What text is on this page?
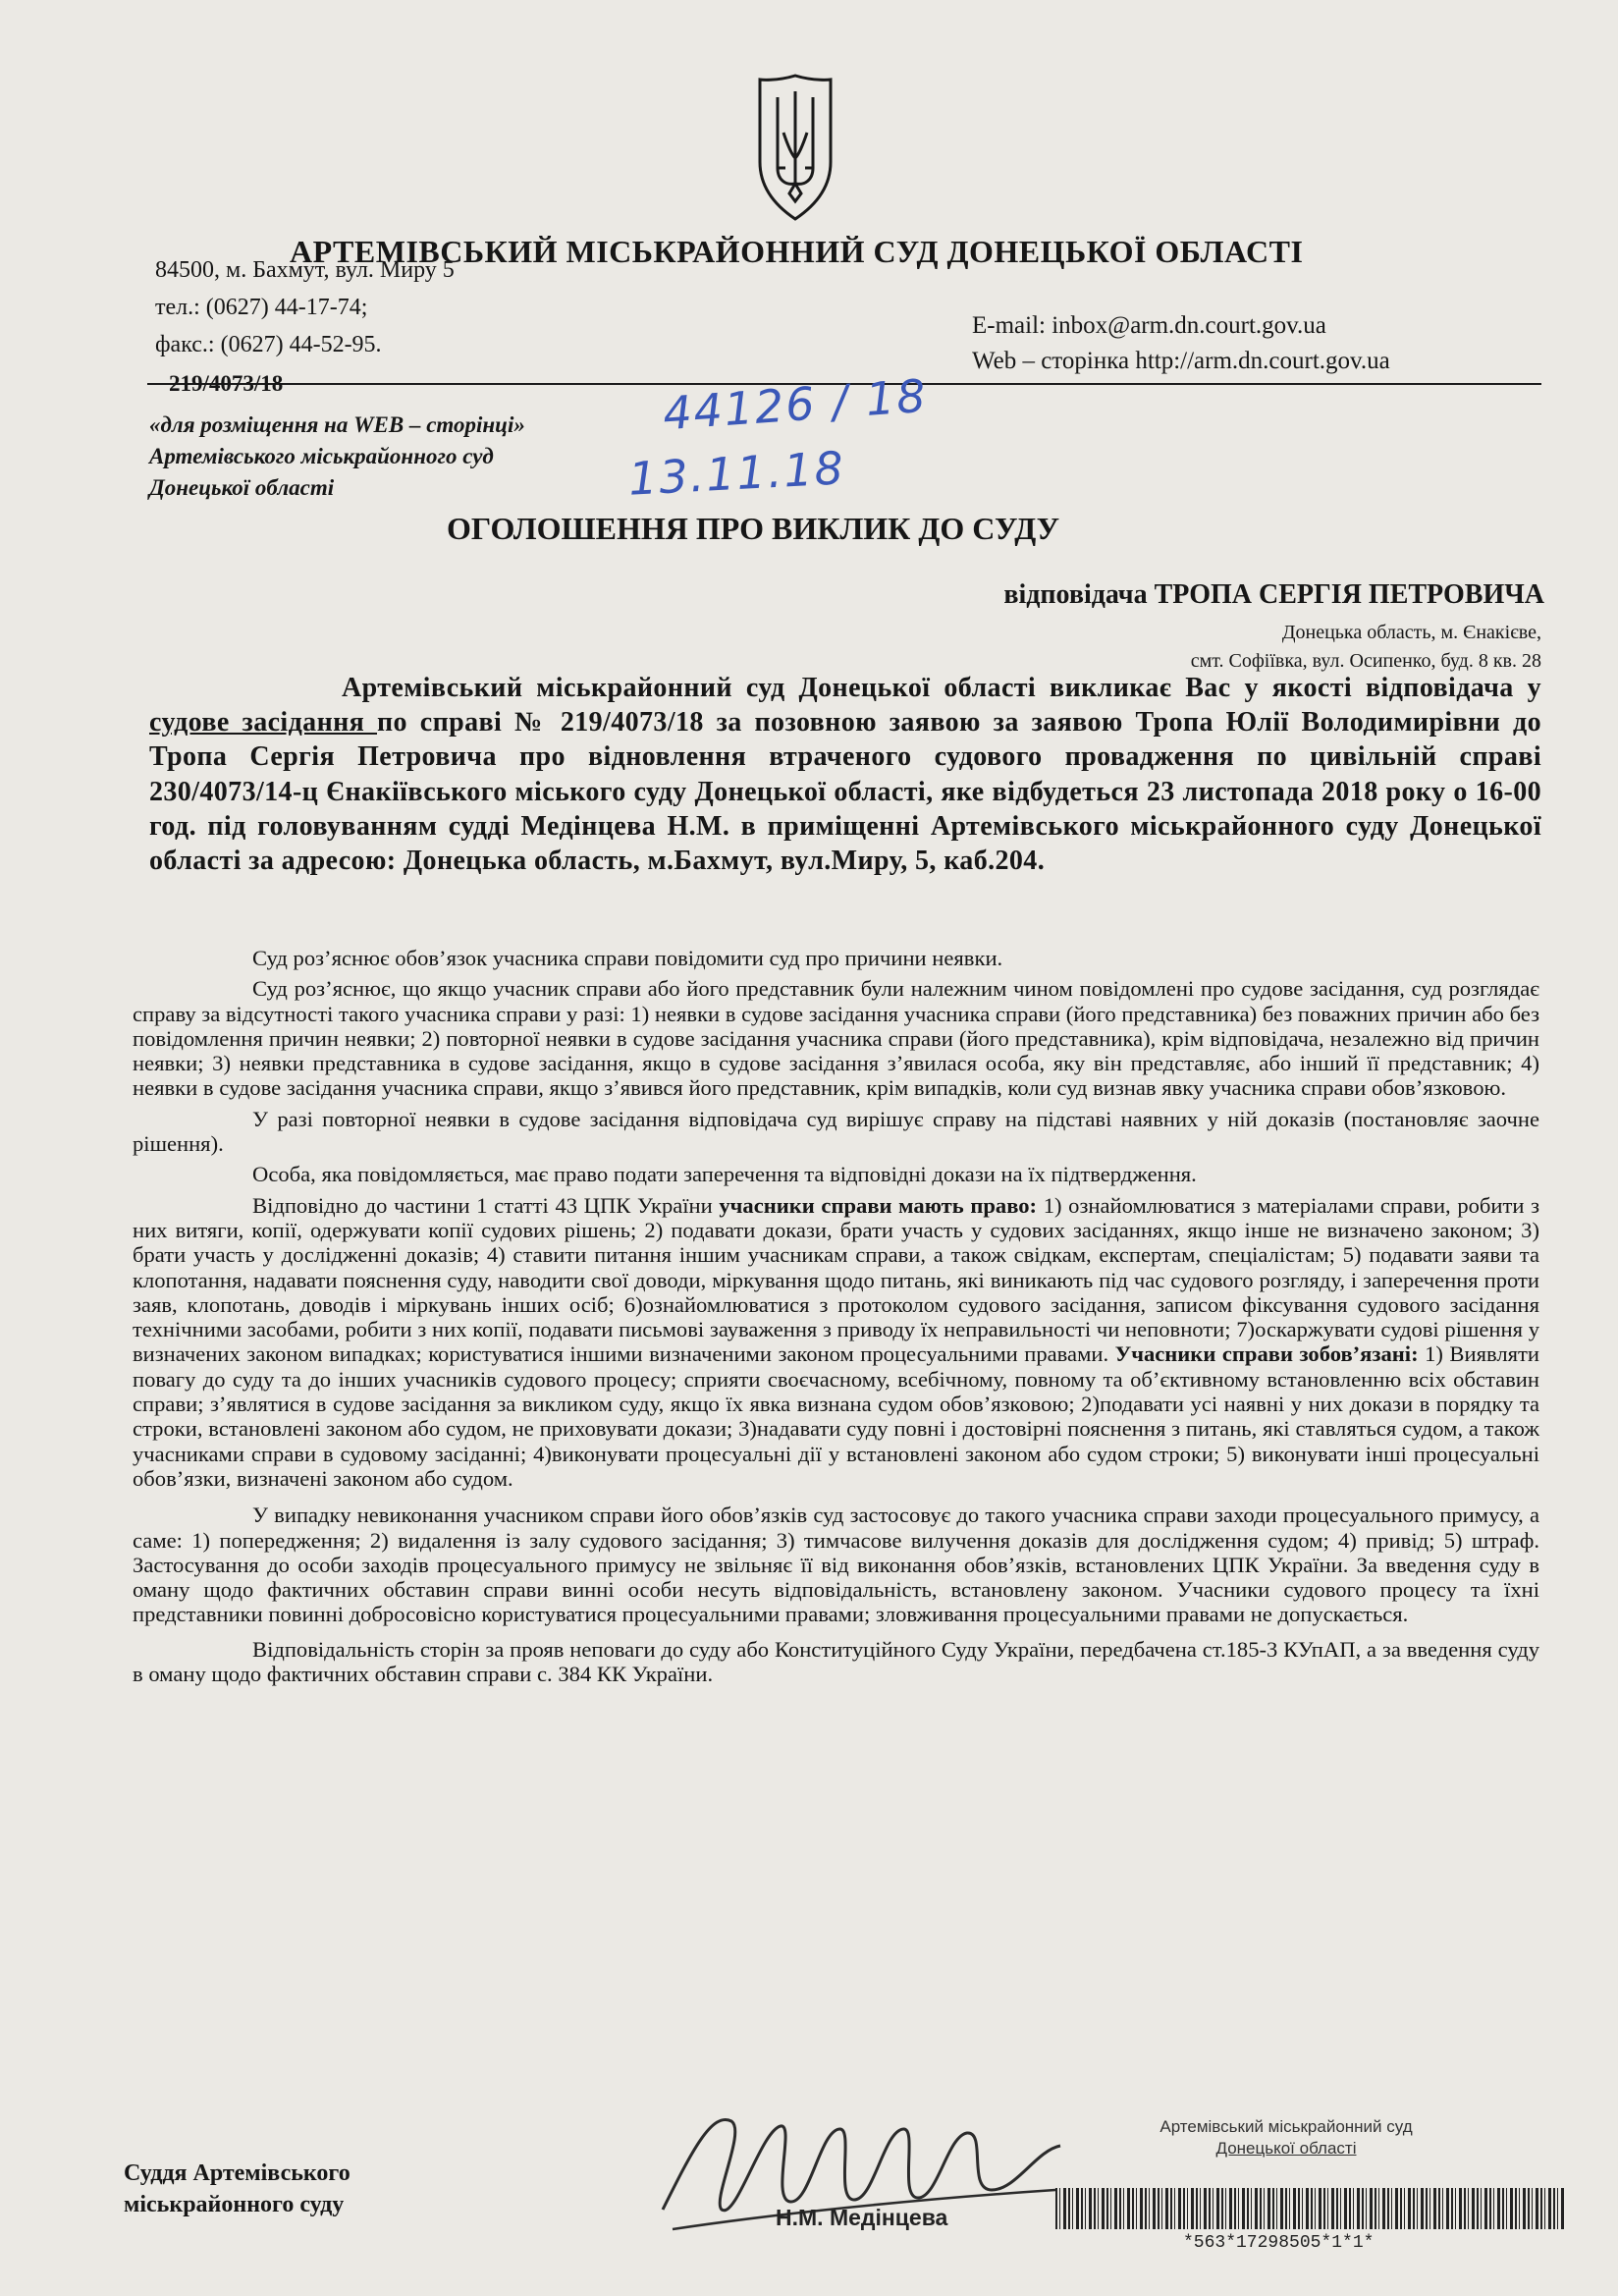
АРТЕМІВСЬКИЙ МІСЬКРАЙОННИЙ СУД ДОНЕЦЬКОЇ ОБЛАСТІ
84500, м. Бахмут, вул. Миру 5
тел.: (0627) 44-17-74;
факс.: (0627) 44-52-95.
E-mail: inbox@arm.dn.court.gov.ua
Web – сторінка http://arm.dn.court.gov.ua
219/4073/18
«для розміщення на WEB – сторінці»
Артемівського міськрайонного суд
Донецької області
44126 / 18
13.11.18
ОГОЛОШЕННЯ ПРО ВИКЛИК ДО СУДУ
відповідача ТРОПА СЕРГІЯ ПЕТРОВИЧА
Донецька область, м. Єнакієве,
смт. Софіївка, вул. Осипенко, буд. 8 кв. 28
Артемівський міськрайонний суд Донецької області викликає Вас у якості відповідача у судове засідання по справі № 219/4073/18 за позовною заявою за заявою Тропа Юлії Володимирівни до Тропа Сергія Петровича про відновлення втраченого судового провадження по цивільній справі 230/4073/14-ц Єнакіївського міського суду Донецької області, яке відбудеться 23 листопада 2018 року о 16-00 год. під головуванням судді Медінцева Н.М. в приміщенні Артемівського міськрайонного суду Донецької області за адресою: Донецька область, м.Бахмут, вул.Миру, 5, каб.204.

Суд роз’яснює обов’язок учасника справи повідомити суд про причини неявки.

Суд роз’яснює, що якщо учасник справи або його представник були належним чином повідомлені про судове засідання, суд розглядає справу за відсутності такого учасника справи у разі: 1) неявки в судове засідання учасника справи (його представника) без поважних причин або без повідомлення причин неявки; 2) повторної неявки в судове засідання учасника справи (його представника), крім відповідача, незалежно від причин неявки; 3) неявки представника в судове засідання, якщо в судове засідання з’явилася особа, яку він представляє, або інший її представник; 4) неявки в судове засідання учасника справи, якщо з’явився його представник, крім випадків, коли суд визнав явку учасника справи обов’язковою.

У разі повторної неявки в судове засідання відповідача суд вирішує справу на підставі наявних у ній доказів (постановляє заочне рішення).

Особа, яка повідомляється, має право подати заперечення та відповідні докази на їх підтвердження.

Відповідно до частини 1 статті 43 ЦПК України учасники справи мають право: 1) ознайомлюватися з матеріалами справи, робити з них витяги, копії, одержувати копії судових рішень; 2) подавати докази, брати участь у судових засіданнях, якщо інше не визначено законом; 3) брати участь у дослідженні доказів; 4) ставити питання іншим учасникам справи, а також свідкам, експертам, спеціалістам; 5) подавати заяви та клопотання, надавати пояснення суду, наводити свої доводи, міркування щодо питань, які виникають під час судового розгляду, і заперечення проти заяв, клопотань, доводів і міркувань інших осіб; 6)ознайомлюватися з протоколом судового засідання, записом фіксування судового засідання технічними засобами, робити з них копії, подавати письмові зауваження з приводу їх неправильності чи неповноти; 7)оскаржувати судові рішення у визначених законом випадках; користуватися іншими визначеними законом процесуальними правами. Учасники справи зобов’язані: 1) Виявляти повагу до суду та до інших учасників судового процесу; сприяти своєчасному, всебічному, повному та об’єктивному встановленню всіх обставин справи; з’являтися в судове засідання за викликом суду, якщо їх явка визнана судом обов’язковою; 2)подавати усі наявні у них докази в порядку та строки, встановлені законом або судом, не приховувати докази; 3)надавати суду повні і достовірні пояснення з питань, які ставляться судом, а також учасниками справи в судовому засіданні; 4)виконувати процесуальні дії у встановлені законом або судом строки; 5) виконувати інші процесуальні обов’язки, визначені законом або судом.

У випадку невиконання учасником справи його обов’язків суд застосовує до такого учасника справи заходи процесуального примусу, а саме: 1) попередження; 2) видалення із залу судового засідання; 3) тимчасове вилучення доказів для дослідження судом; 4) привід; 5) штраф. Застосування до особи заходів процесуального примусу не звільняє її від виконання обов’язків, встановлених ЦПК України. За введення суду в оману щодо фактичних обставин справи винні особи несуть відповідальність, встановлену законом. Учасники судового процесу та їхні представники повинні добросовісно користуватися процесуальними правами; зловживання процесуальними правами не допускається.

Відповідальність сторін за прояв неповаги до суду або Конституційного Суду України, передбачена ст.185-3 КУпАП, а за введення суду в оману щодо фактичних обставин справи с. 384 КК України.

Суддя Артемівського
міськрайонного суду	Н.М. Медінцева
Артемівський міськрайонний суд
Донецької області
*563*17298505*1*1*
